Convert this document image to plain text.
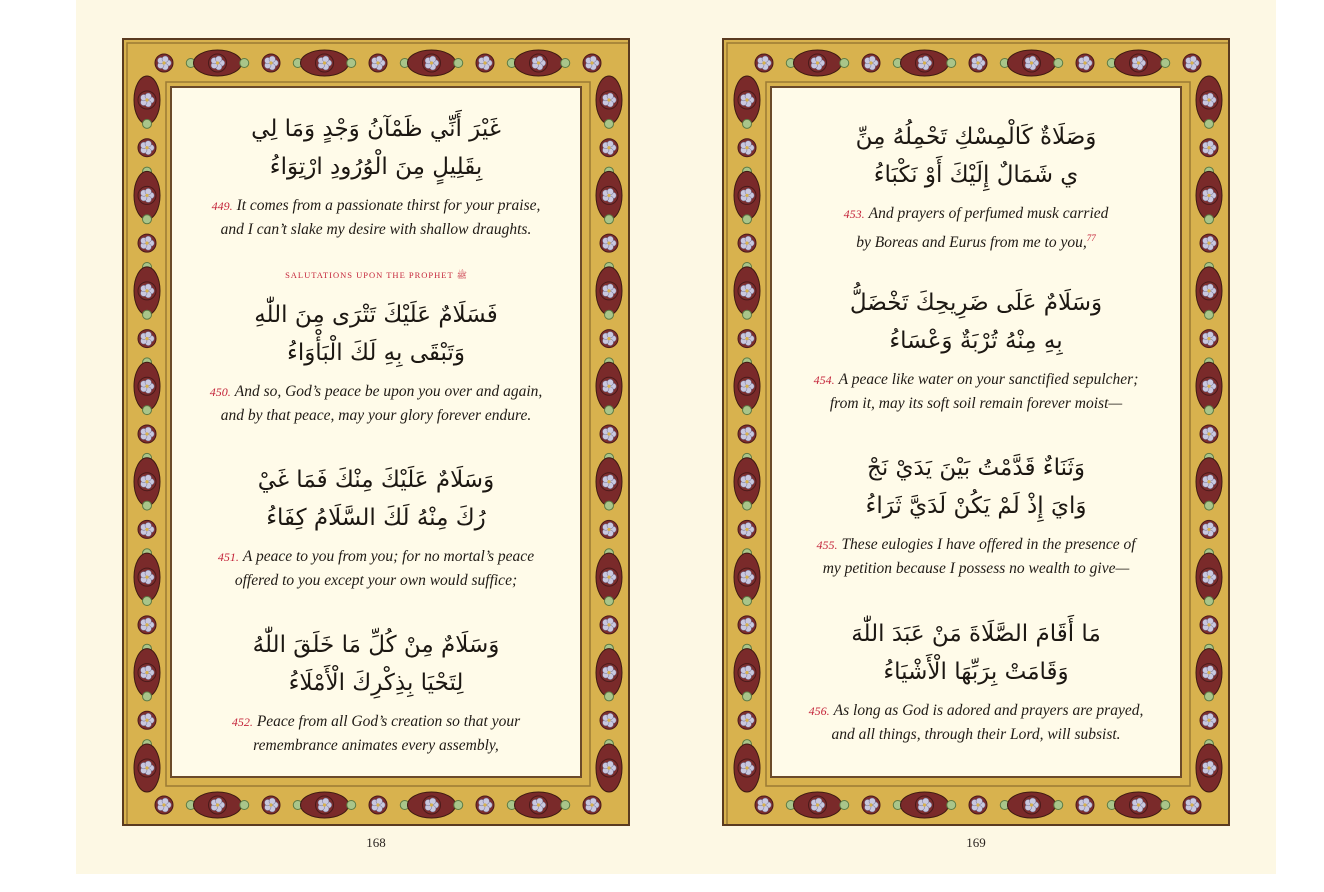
غَيْرَ أَنِّي ظَمْآنُ وَجْدٍ وَمَا لِي
بِقَلِيلٍ مِنَ الْوُرُودِ ارْتِوَاءُ
449. It comes from a passionate thirst for your praise,
and I can’t slake my desire with shallow draughts.
SALUTATIONS UPON THE PROPHET ﷺ
فَسَلَامٌ عَلَيْكَ تَتْرَى مِنَ اللّٰهِ
وَتَبْقَى بِهِ لَكَ الْبَأْوَاءُ
450. And so, God’s peace be upon you over and again,
and by that peace, may your glory forever endure.
وَسَلَامٌ عَلَيْكَ مِنْكَ فَمَا غَيْ
رُكَ مِنْهُ لَكَ السَّلَامُ كِفَاءُ
451. A peace to you from you; for no mortal’s peace
offered to you except your own would suffice;
وَسَلَامٌ مِنْ كُلِّ مَا خَلَقَ اللّٰهُ
لِتَحْيَا بِذِكْرِكَ الْأَمْلَاءُ
452. Peace from all God’s creation so that your
remembrance animates every assembly,
168
وَصَلَاةٌ كَالْمِسْكِ تَحْمِلُهُ مِنِّ
ي شَمَالٌ إِلَيْكَ أَوْ نَكْبَاءُ
453. And prayers of perfumed musk carried
by Boreas and Eurus from me to you,$^{77}$
وَسَلَامٌ عَلَى ضَرِيحِكَ تَخْضَلُّ
بِهِ مِنْهُ تُرْبَةٌ وَعْسَاءُ
454. A peace like water on your sanctified sepulcher;
from it, may its soft soil remain forever moist—
وَثَنَاءٌ قَدَّمْتُ بَيْنَ يَدَيْ نَجْ
وَايَ إِذْ لَمْ يَكُنْ لَدَيَّ ثَرَاءُ
455. These eulogies I have offered in the presence of
my petition because I possess no wealth to give—
مَا أَقَامَ الصَّلَاةَ مَنْ عَبَدَ اللّٰهَ
وَقَامَتْ بِرَبِّهَا الْأَشْيَاءُ
456. As long as God is adored and prayers are prayed,
and all things, through their Lord, will subsist.
169
